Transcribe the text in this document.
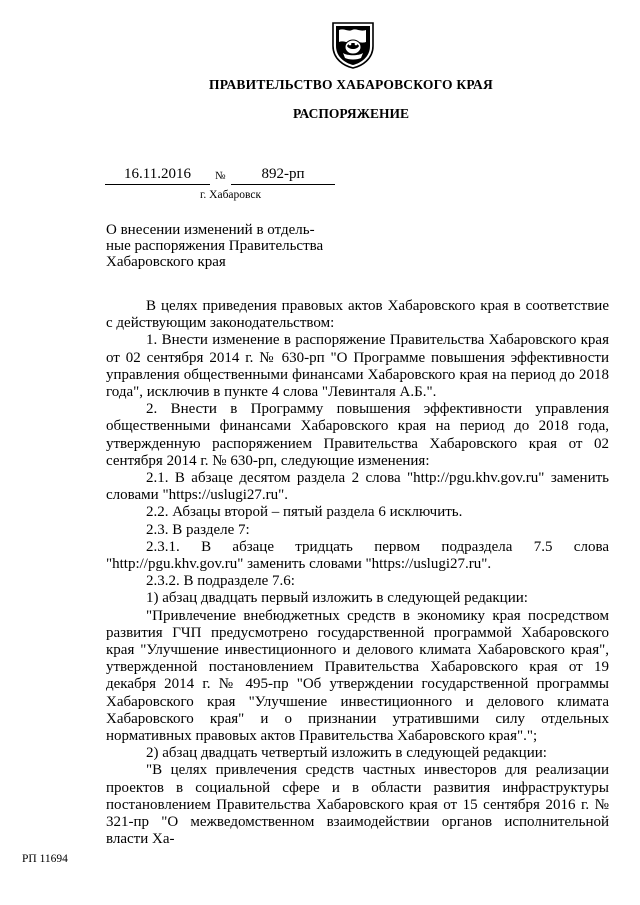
ПРАВИТЕЛЬСТВО ХАБАРОВСКОГО КРАЯ
РАСПОРЯЖЕНИЕ
16.11.2016	№	892-рп
г. Хабаровск
О внесении изменений в отдель-
ные распоряжения Правительства
Хабаровского края

В целях приведения правовых актов Хабаровского края в соответствие с действующим законодательством:

1. Внести изменение в распоряжение Правительства Хабаровского края от 02 сентября 2014 г. № 630-рп "О Программе повышения эффективности управления общественными финансами Хабаровского края на период до 2018 года", исключив в пункте 4 слова "Левинталя А.Б.".

2. Внести в Программу повышения эффективности управления общественными финансами Хабаровского края на период до 2018 года, утвержденную распоряжением Правительства Хабаровского края от 02 сентября 2014 г. № 630-рп, следующие изменения:

2.1. В абзаце десятом раздела 2 слова "http://pgu.khv.gov.ru" заменить словами "https://uslugi27.ru".

2.2. Абзацы второй – пятый раздела 6 исключить.

2.3. В разделе 7:

2.3.1. В абзаце тридцать первом подраздела 7.5 слова "http://pgu.khv.gov.ru" заменить словами "https://uslugi27.ru".

2.3.2. В подразделе 7.6:

1) абзац двадцать первый изложить в следующей редакции:

"Привлечение внебюджетных средств в экономику края посредством развития ГЧП предусмотрено государственной программой Хабаровского края "Улучшение инвестиционного и делового климата Хабаровского края", утвержденной постановлением Правительства Хабаровского края от 19 декабря 2014 г. № 495-пр "Об утверждении государственной программы Хабаровского края "Улучшение инвестиционного и делового климата Хабаровского края" и о признании утратившими силу отдельных нормативных правовых актов Правительства Хабаровского края".";

2) абзац двадцать четвертый изложить в следующей редакции:

"В целях привлечения средств частных инвесторов для реализации проектов в социальной сфере и в области развития инфраструктуры постановлением Правительства Хабаровского края от 15 сентября 2016 г. № 321-пр "О межведомственном взаимодействии органов исполнительной власти Ха-

РП 11694
